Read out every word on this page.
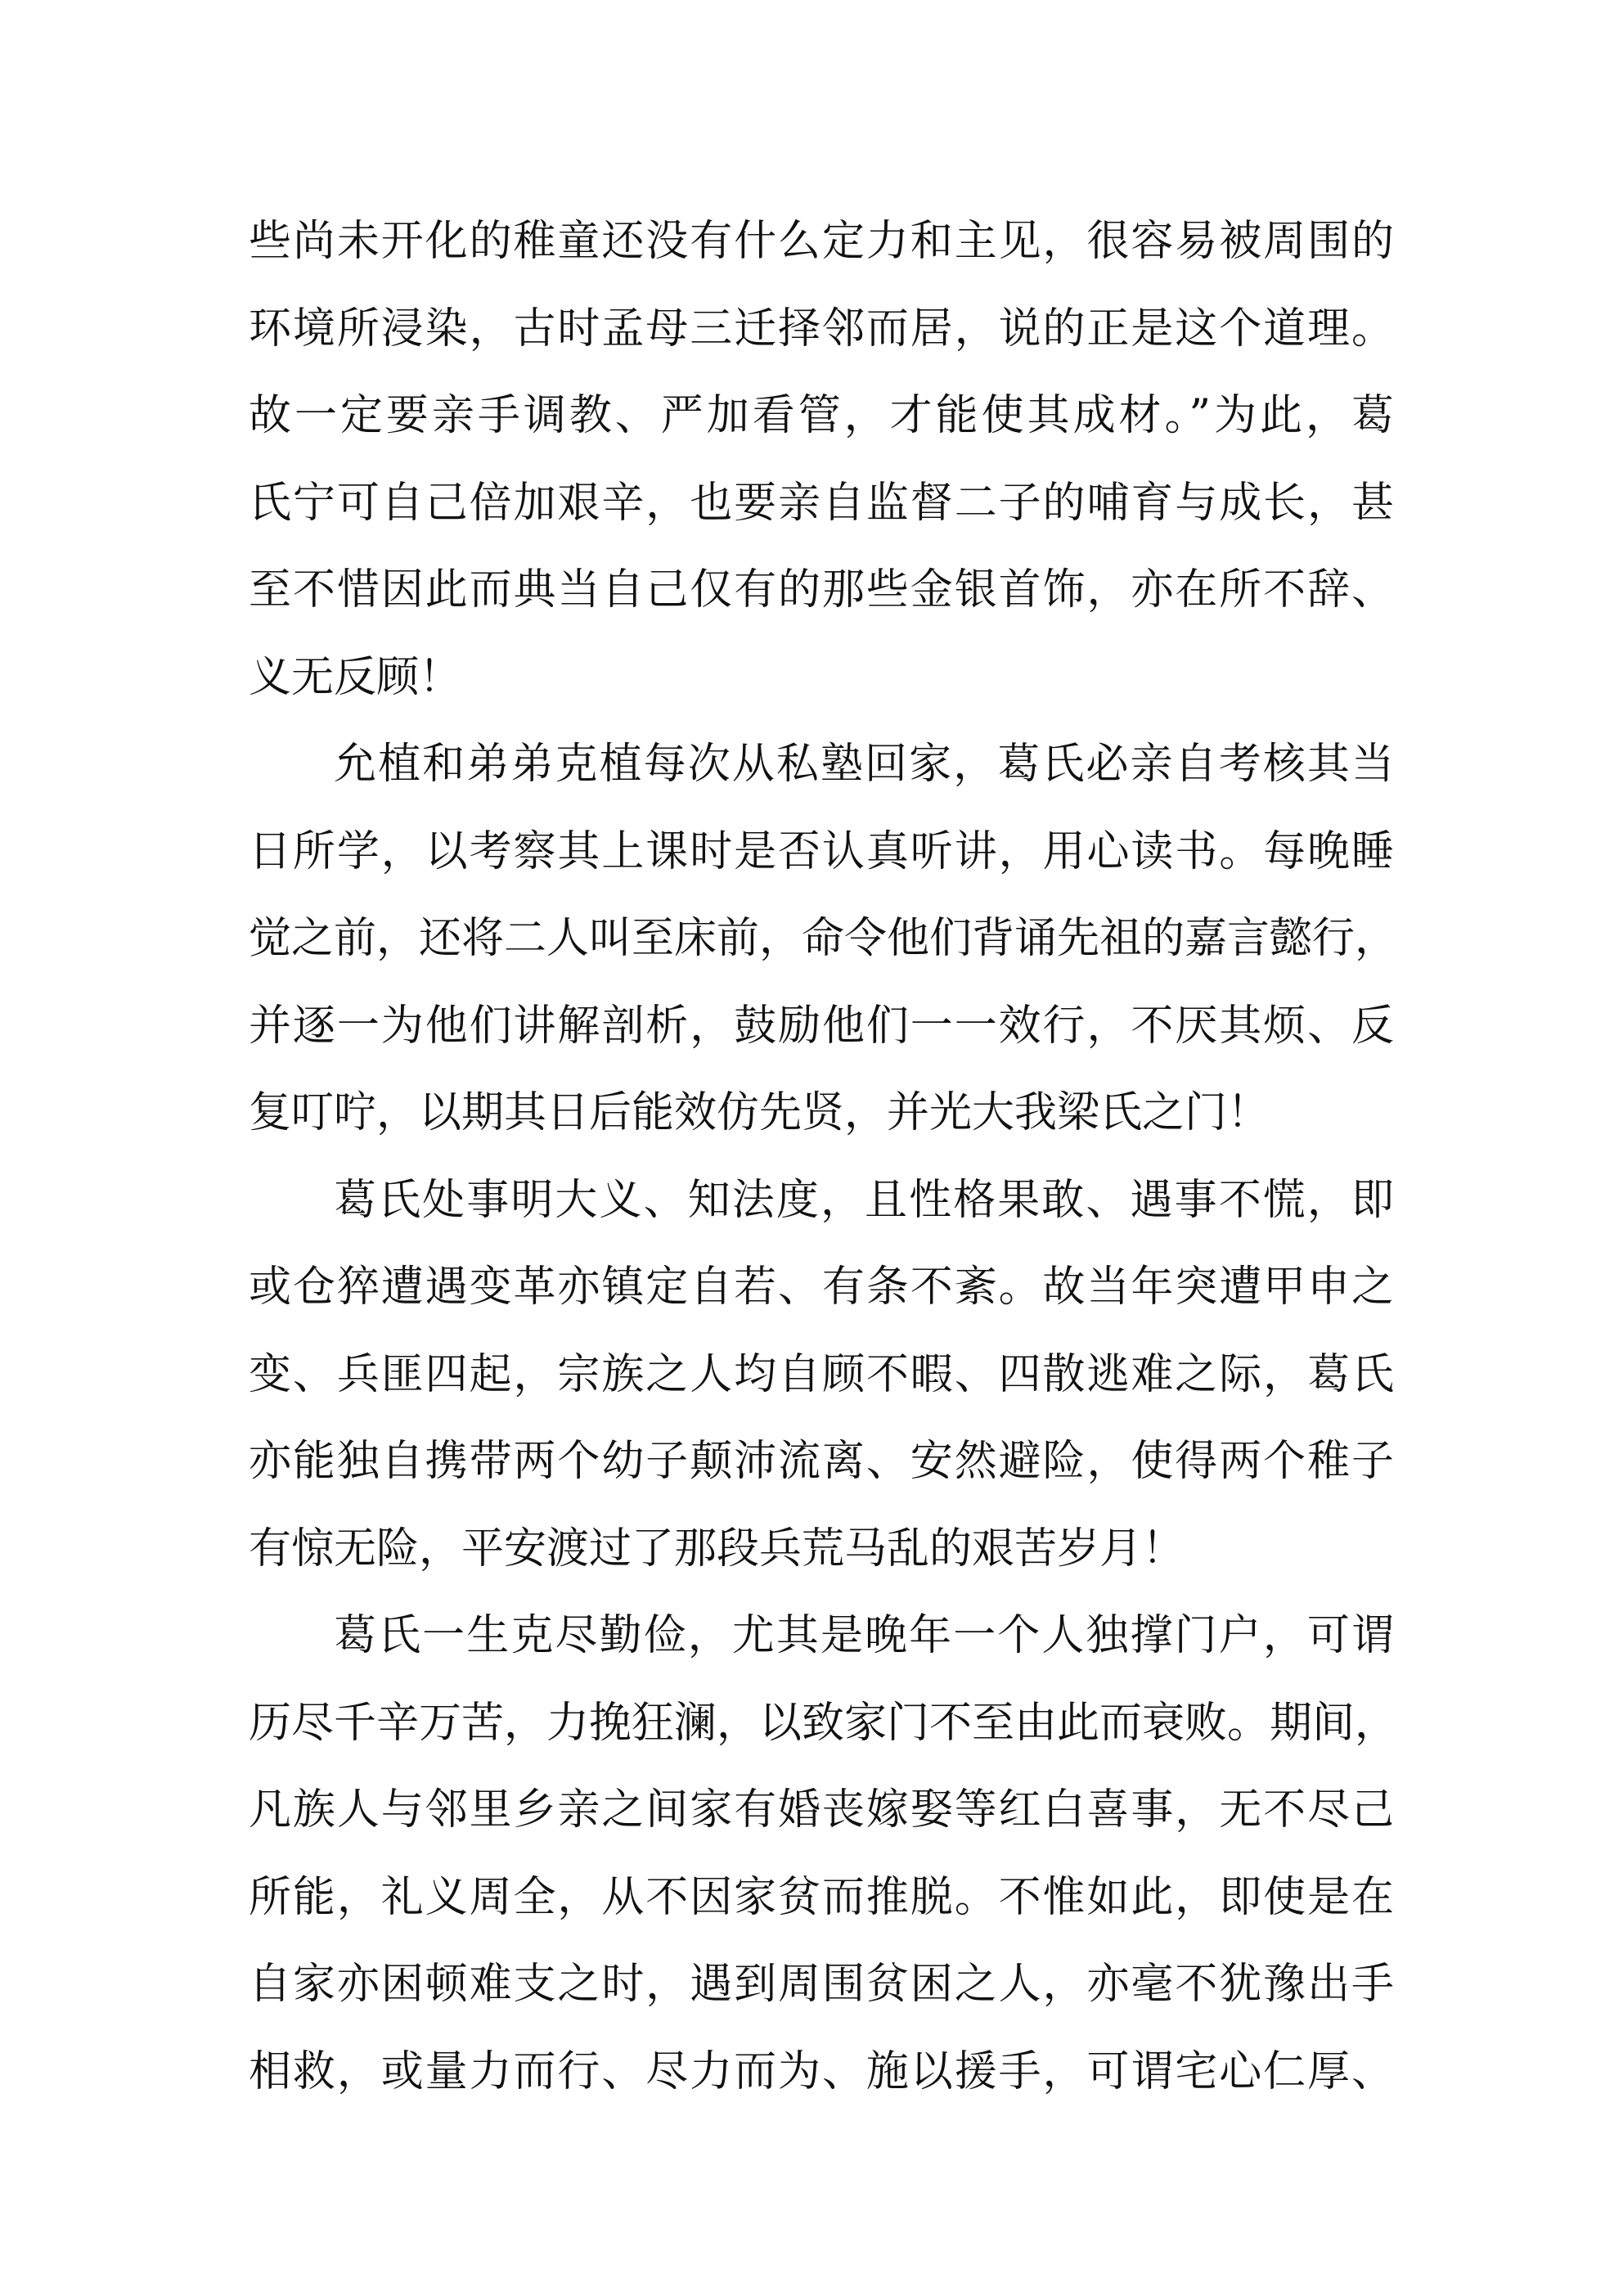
些尚未开化的稚童还没有什么定力和主见，很容易被周围的
环境所浸染，古时孟母三迁择邻而居，说的正是这个道理。
故一定要亲手调教、严加看管，才能使其成材。”为此，葛
氏宁可自己倍加艰辛，也要亲自监督二子的哺育与成长，甚
至不惜因此而典当自己仅有的那些金银首饰，亦在所不辞、
义无反顾！
允植和弟弟克植每次从私塾回家，葛氏必亲自考核其当
日所学，以考察其上课时是否认真听讲，用心读书。每晚睡
觉之前，还将二人叫至床前，命令他们背诵先祖的嘉言懿行，
并逐一为他们讲解剖析，鼓励他们一一效行，不厌其烦、反
复叮咛，以期其日后能效仿先贤，并光大我梁氏之门！
葛氏处事明大义、知法度，且性格果敢、遇事不慌，即
或仓猝遭遇变革亦镇定自若、有条不紊。故当年突遭甲申之
变、兵匪四起，宗族之人均自顾不暇、四散逃难之际，葛氏
亦能独自携带两个幼子颠沛流离、安然避险，使得两个稚子
有惊无险，平安渡过了那段兵荒马乱的艰苦岁月！
葛氏一生克尽勤俭，尤其是晚年一个人独撑门户，可谓
历尽千辛万苦，力挽狂澜，以致家门不至由此而衰败。期间，
凡族人与邻里乡亲之间家有婚丧嫁娶等红白喜事，无不尽己
所能，礼义周全，从不因家贫而推脱。不惟如此，即使是在
自家亦困顿难支之时，遇到周围贫困之人，亦毫不犹豫出手
相救，或量力而行、尽力而为、施以援手，可谓宅心仁厚、
